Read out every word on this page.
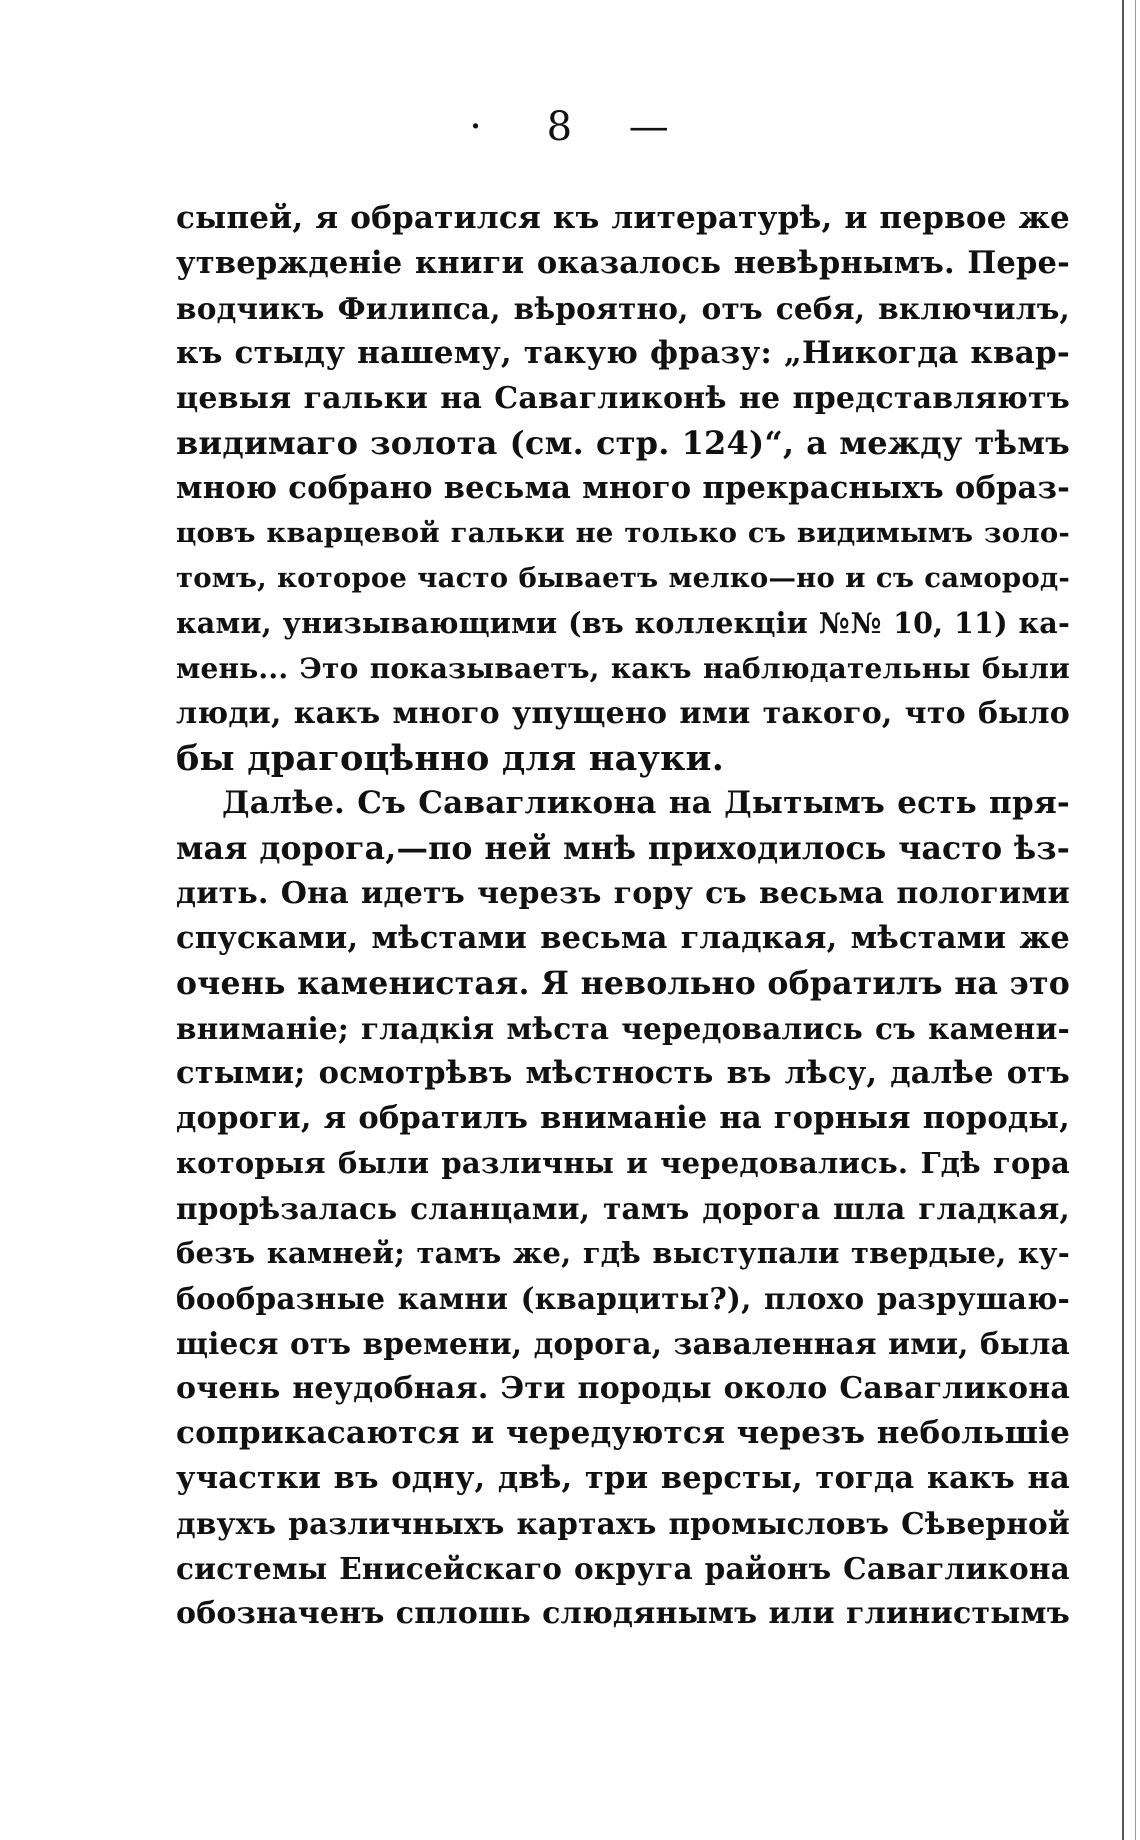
· 8 —
сыпей, я обратился къ литературѣ, и первое же
утвержденіе книги оказалось невѣрнымъ. Пере-
водчикъ Филипса, вѣроятно, отъ себя, включилъ,
къ стыду нашему, такую фразу: „Никогда квар-
цевыя гальки на Савагликонѣ не представляютъ
видимаго золота (см. стр. 124)“, а между тѣмъ
мною собрано весьма много прекрасныхъ образ-
цовъ кварцевой гальки не только съ видимымъ золо-
томъ, которое часто бываетъ мелко—но и съ самород-
ками, унизывающими (въ коллекціи №№ 10, 11) ка-
мень... Это показываетъ, какъ наблюдательны были
люди, какъ много упущено ими такого, что было
бы драгоцѣнно для науки.
Далѣе. Съ Савагликона на Дытымъ есть пря-
мая дорога,—по ней мнѣ приходилось часто ѣз-
дить. Она идетъ черезъ гору съ весьма пологими
спусками, мѣстами весьма гладкая, мѣстами же
очень каменистая. Я невольно обратилъ на это
вниманіе; гладкія мѣста чередовались съ камени-
стыми; осмотрѣвъ мѣстность въ лѣсу, далѣе отъ
дороги, я обратилъ вниманіе на горныя породы,
которыя были различны и чередовались. Гдѣ гора
прорѣзалась сланцами, тамъ дорога шла гладкая,
безъ камней; тамъ же, гдѣ выступали твердые, ку-
бообразные камни (кварциты?), плохо разрушаю-
щіеся отъ времени, дорога, заваленная ими, была
очень неудобная. Эти породы около Савагликона
соприкасаются и чередуются черезъ небольшіе
участки въ одну, двѣ, три версты, тогда какъ на
двухъ различныхъ картахъ промысловъ Сѣверной
системы Енисейскаго округа районъ Савагликона
обозначенъ сплошь слюдянымъ или глинистымъ
